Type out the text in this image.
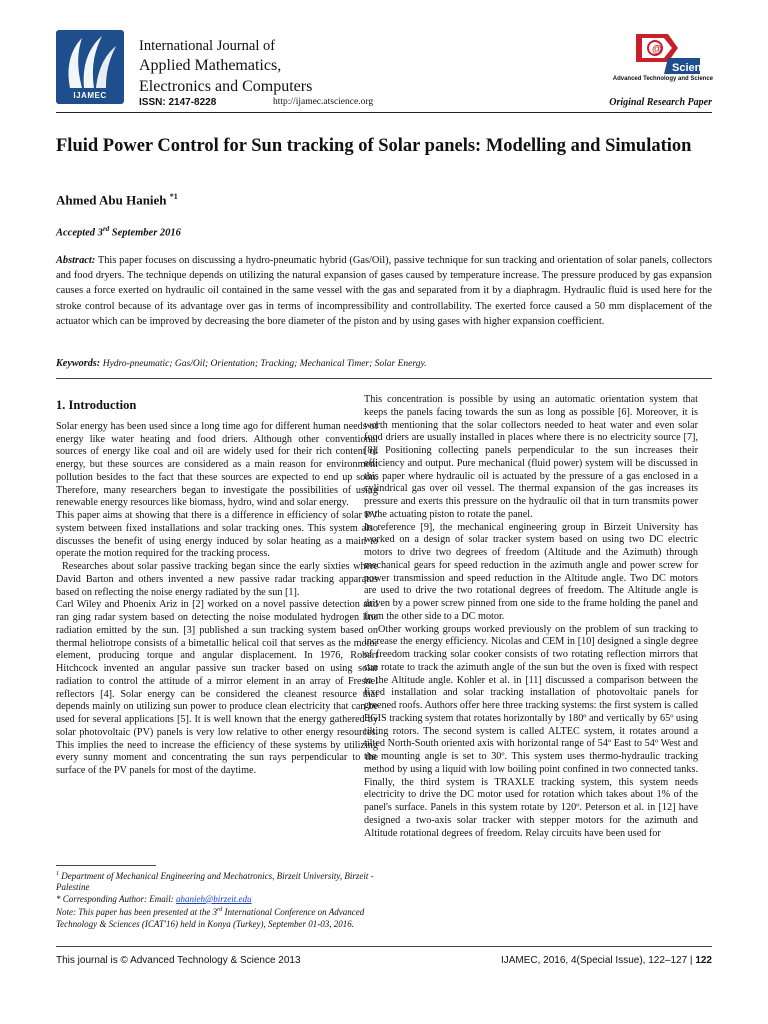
IJAMEC
International Journal of
Applied Mathematics,
Electronics and Computers
ISSN: 2147-8228	http://ijamec.atscience.org
@
Science
Advanced Technology and Science
Original Research Paper
Fluid Power Control for Sun tracking of Solar panels: Modelling and Simulation
Ahmed Abu Hanieh $^{*1}$
Accepted 3rd September 2016
Abstract: This paper focuses on discussing a hydro-pneumatic hybrid (Gas/Oil), passive technique for sun tracking and orientation of solar panels, collectors and food dryers. The technique depends on utilizing the natural expansion of gases caused by temperature increase. The pressure produced by gas expansion causes a force exerted on hydraulic oil contained in the same vessel with the gas and separated from it by a diaphragm. Hydraulic fluid is used here for the stroke control because of its advantage over gas in terms of incompressibility and controllability. The exerted force caused a 50 mm displacement of the actuator which can be improved by decreasing the bore diameter of the piston and by using gases with higher expansion coefficient.
Keywords: Hydro-pneumatic; Gas/Oil; Orientation; Tracking; Mechanical Timer; Solar Energy.
1. Introduction

Solar energy has been used since a long time ago for different human needs of energy like water heating and food driers. Although other conventional sources of energy like coal and oil are widely used for their rich content of energy, but these sources are considered as a main reason for environment pollution besides to the fact that these sources are expected to end up soon. Therefore, many researchers began to investigate the possibilities of using renewable energy resources like biomass, hydro, wind and solar energy.

This paper aims at showing that there is a difference in efficiency of solar PV system between fixed installations and solar tracking ones. This system also discusses the benefit of using energy induced by solar heating as a main to operate the motion required for the tracking process.

Researches about solar passive tracking began since the early sixties where David Barton and others invented a new passive radar tracking apparatus based on reflecting the noise energy radiated by the sun [1].

Carl Wiley and Phoenix Ariz in [2] worked on a novel passive detection and ran ging radar system based on detecting the noise modulated hydrogen line radiation emitted by the sun. [3] published a sun tracking system based on thermal heliotrope consists of a bimetallic helical coil that serves as the motor element, producing torque and angular displacement. In 1976, Robert Hitchcock invented an angular passive sun tracker based on using solar radiation to control the attitude of a mirror element in an array of Fresnel reflectors [4]. Solar energy can be considered the cleanest resource that depends mainly on utilizing sun power to produce clean electricity that can be used for several applications [5]. It is well known that the energy gathered by solar photovoltaic (PV) panels is very low relative to other energy resources. This implies the need to increase the efficiency of these systems by utilizing every sunny moment and concentrating the sun rays perpendicular to the surface of the PV panels for most of the daytime.

$^1$ Department of Mechanical Engineering and Mechatronics, Birzeit University, Birzeit - Palestine
* Corresponding Author: Email: ahanieh@birzeit.edu
Note: This paper has been presented at the 3rd International Conference on Advanced Technology & Sciences (ICAT'16) held in Konya (Turkey), September 01-03, 2016.

This concentration is possible by using an automatic orientation system that keeps the panels facing towards the sun as long as possible [6]. Moreover, it is worth mentioning that the solar collectors needed to heat water and even solar food driers are usually installed in places where there is no electricity source [7], [8]. Positioning collecting panels perpendicular to the sun increases their efficiency and output. Pure mechanical (fluid power) system will be discussed in this paper where hydraulic oil is actuated by the pressure of a gas enclosed in a cylindrical gas over oil vessel. The thermal expansion of the gas increases its pressure and exerts this pressure on the hydraulic oil that in turn transmits power to the actuating piston to rotate the panel.

In reference [9], the mechanical engineering group in Birzeit University has worked on a design of solar tracker system based on using two DC electric motors to drive two degrees of freedom (Altitude and the Azimuth) through mechanical gears for speed reduction in the azimuth angle and power screw for power transmission and speed reduction in the Altitude angle. Two DC motors are used to drive the two rotational degrees of freedom. The Altitude angle is driven by a power screw pinned from one side to the frame holding the panel and from the other side to a DC motor.

Other working groups worked previously on the problem of sun tracking to increase the energy efficiency. Nicolas and CEM in [10] designed a single degree of freedom tracking solar cooker consists of two rotating reflection mirrors that can rotate to track the azimuth angle of the sun but the oven is fixed with respect to the Altitude angle. Kohler et al. in [11] discussed a comparison between the fixed installation and solar tracking installation of photovoltaic panels for greened roofs. Authors offer here three tracking systems: the first system is called EGIS tracking system that rotates horizontally by 180º and vertically by 65º using tilting rotors. The second system is called ALTEC system, it rotates around a tilted North-South oriented axis with horizontal range of 54º East to 54º West and the mounting angle is set to 30º. This system uses thermo-hydraulic tracking method by using a liquid with low boiling point confined in two connected tanks. Finally, the third system is TRAXLE tracking system, this system needs electricity to drive the DC motor used for rotation which takes about 1% of the panel's surface. Panels in this system rotate by 120º. Peterson et al. in [12] have designed a two-axis solar tracker with stepper motors for the azimuth and Altitude rotational degrees of freedom. Relay circuits have been used for

This journal is © Advanced Technology & Science 2013	IJAMEC, 2016, 4(Special Issue), 122–127 | 122
